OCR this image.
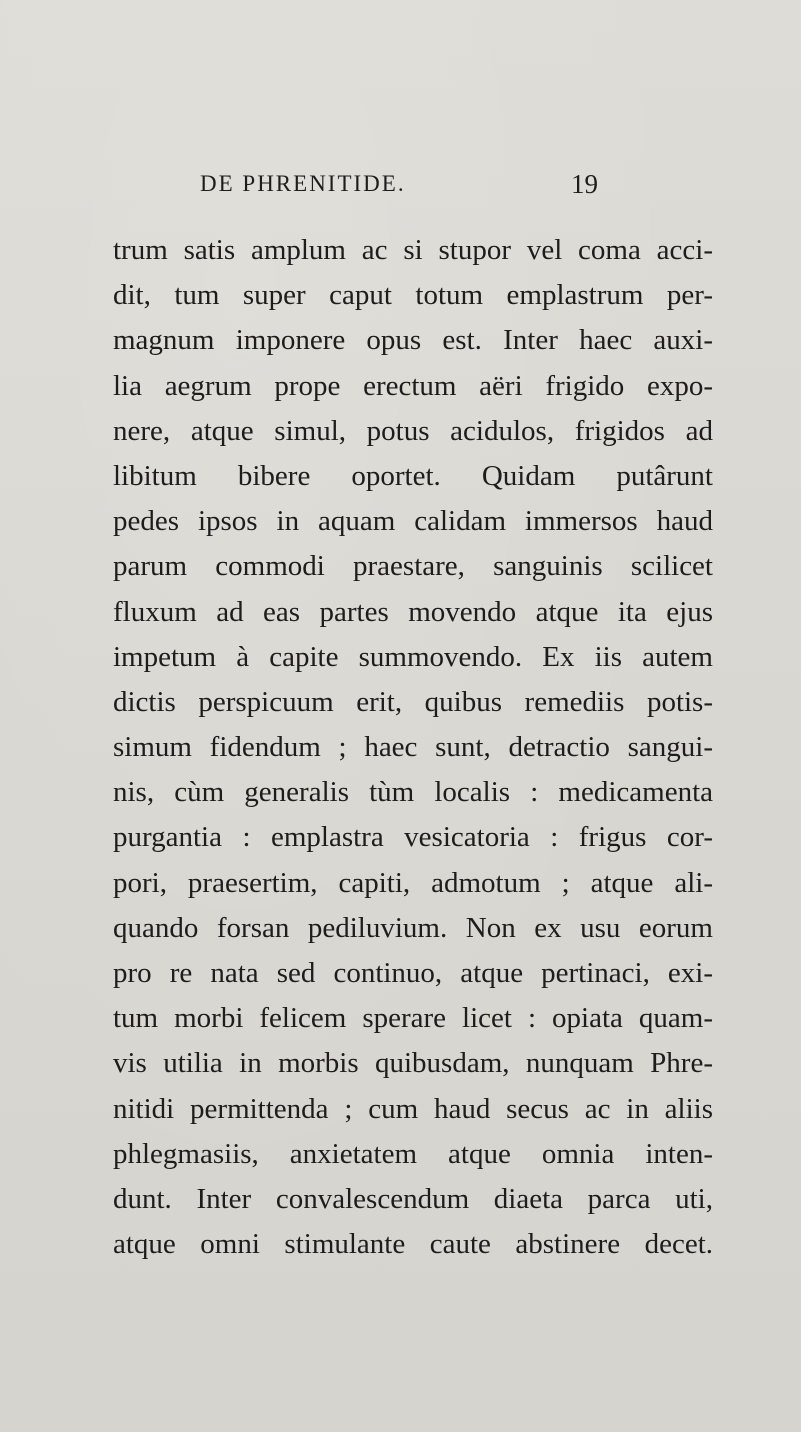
DE PHRENITIDE.	19
trum satis amplum ac si stupor vel coma acci-
dit, tum super caput totum emplastrum per-
magnum imponere opus est. Inter haec auxi-
lia aegrum prope erectum aëri frigido expo-
nere, atque simul, potus acidulos, frigidos ad
libitum bibere oportet. Quidam putârunt
pedes ipsos in aquam calidam immersos haud
parum commodi praestare, sanguinis scilicet
fluxum ad eas partes movendo atque ita ejus
impetum à capite summovendo. Ex iis autem
dictis perspicuum erit, quibus remediis potis-
simum fidendum ; haec sunt, detractio sangui-
nis, cùm generalis tùm localis : medicamenta
purgantia : emplastra vesicatoria : frigus cor-
pori, praesertim, capiti, admotum ; atque ali-
quando forsan pediluvium. Non ex usu eorum
pro re nata sed continuo, atque pertinaci, exi-
tum morbi felicem sperare licet : opiata quam-
vis utilia in morbis quibusdam, nunquam Phre-
nitidi permittenda ; cum haud secus ac in aliis
phlegmasiis, anxietatem atque omnia inten-
dunt. Inter convalescendum diaeta parca uti,
atque omni stimulante caute abstinere decet.
